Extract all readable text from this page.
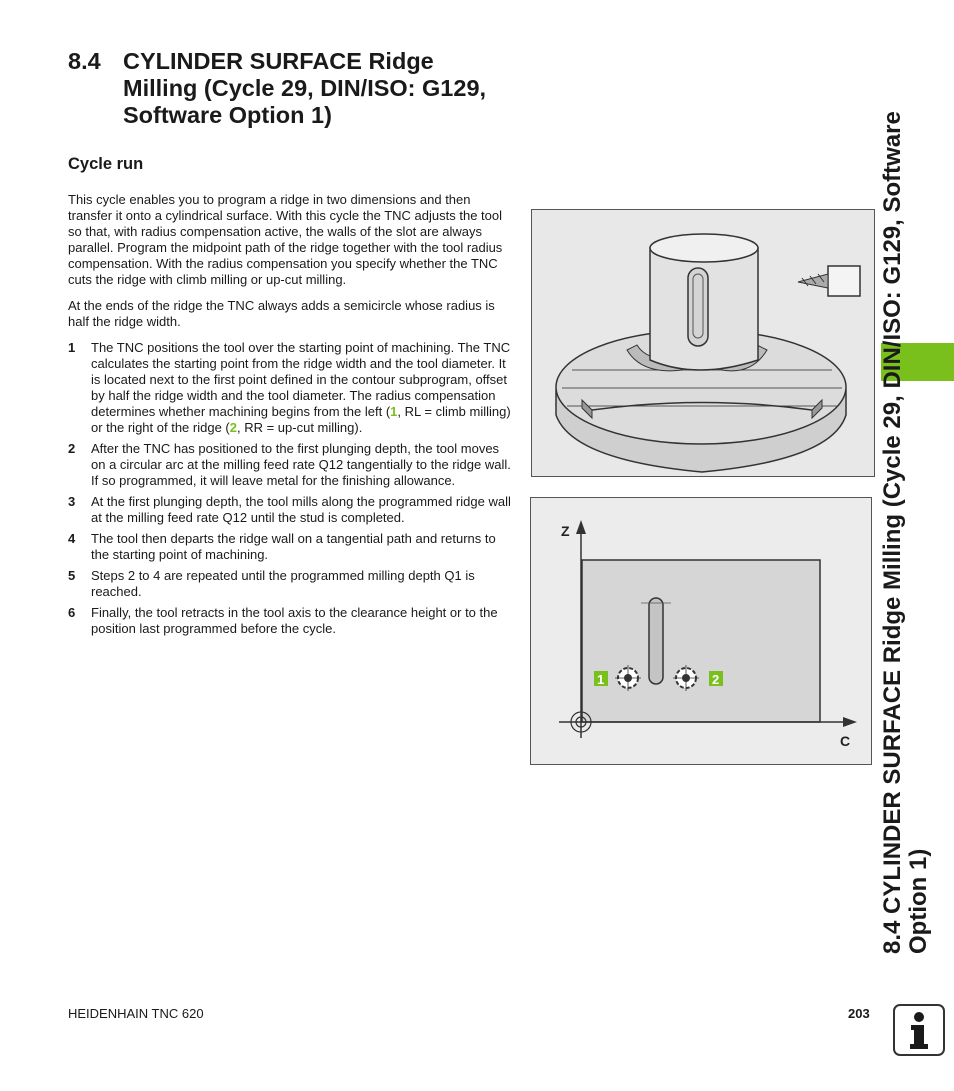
8.4 CYLINDER SURFACE Ridge Milling (Cycle 29, DIN/ISO: G129, Software Option 1)
Cycle run

This cycle enables you to program a ridge in two dimensions and then transfer it onto a cylindrical surface. With this cycle the TNC adjusts the tool so that, with radius compensation active, the walls of the slot are always parallel. Program the midpoint path of the ridge together with the tool radius compensation. With the radius compensation you specify whether the TNC cuts the ridge with climb milling or up-cut milling.

At the ends of the ridge the TNC always adds a semicircle whose radius is half the ridge width.

1 The TNC positions the tool over the starting point of machining. The TNC calculates the starting point from the ridge width and the tool diameter. It is located next to the first point defined in the contour subprogram, offset by half the ridge width and the tool diameter. The radius compensation determines whether machining begins from the left (1, RL = climb milling) or the right of the ridge (2, RR = up-cut milling).
2 After the TNC has positioned to the first plunging depth, the tool moves on a circular arc at the milling feed rate Q12 tangentially to the ridge wall. If so programmed, it will leave metal for the finishing allowance.
3 At the first plunging depth, the tool mills along the programmed ridge wall at the milling feed rate Q12 until the stud is completed.
4 The tool then departs the ridge wall on a tangential path and returns to the starting point of machining.
5 Steps 2 to 4 are repeated until the programmed milling depth Q1 is reached.
6 Finally, the tool retracts in the tool axis to the clearance height or to the position last programmed before the cycle.
Z
C
1	2	8.4 CYLINDER SURFACE Ridge Milling (Cycle 29, DIN/ISO: G129, Software Option 1)
HEIDENHAIN TNC 620	203
